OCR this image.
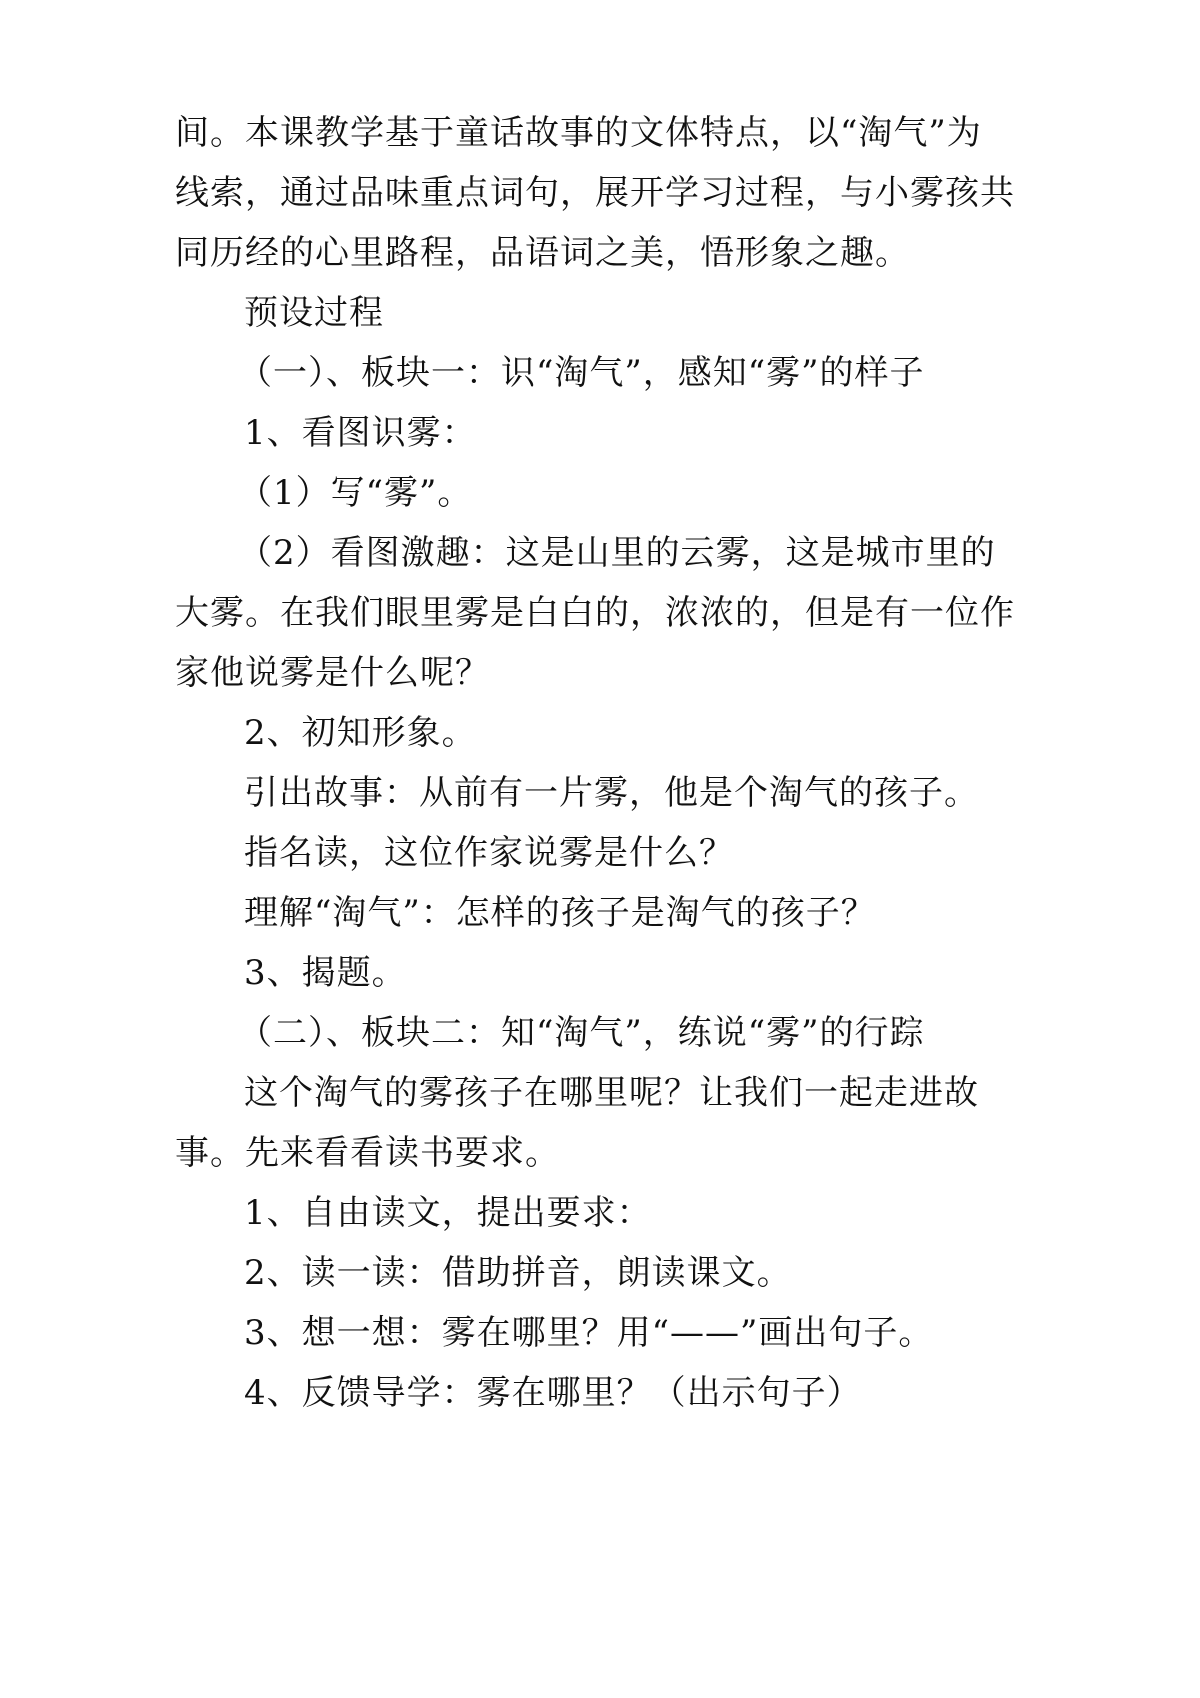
间。本课教学基于童话故事的文体特点，以“淘气”为
线索，通过品味重点词句，展开学习过程，与小雾孩共
同历经的心里路程，品语词之美，悟形象之趣。
预设过程
（一）、板块一：识“淘气”，感知“雾”的样子
1、看图识雾：
（1）写“雾”。
（2）看图激趣：这是山里的云雾，这是城市里的
大雾。在我们眼里雾是白白的，浓浓的，但是有一位作
家他说雾是什么呢？
2、初知形象。
引出故事：从前有一片雾，他是个淘气的孩子。
指名读，这位作家说雾是什么？
理解“淘气”：怎样的孩子是淘气的孩子？
3、揭题。
（二）、板块二：知“淘气”，练说“雾”的行踪
这个淘气的雾孩子在哪里呢？让我们一起走进故
事。先来看看读书要求。
1、自由读文，提出要求：
2、读一读：借助拼音，朗读课文。
3、想一想：雾在哪里？用“——”画出句子。
4、反馈导学：雾在哪里？（出示句子）
